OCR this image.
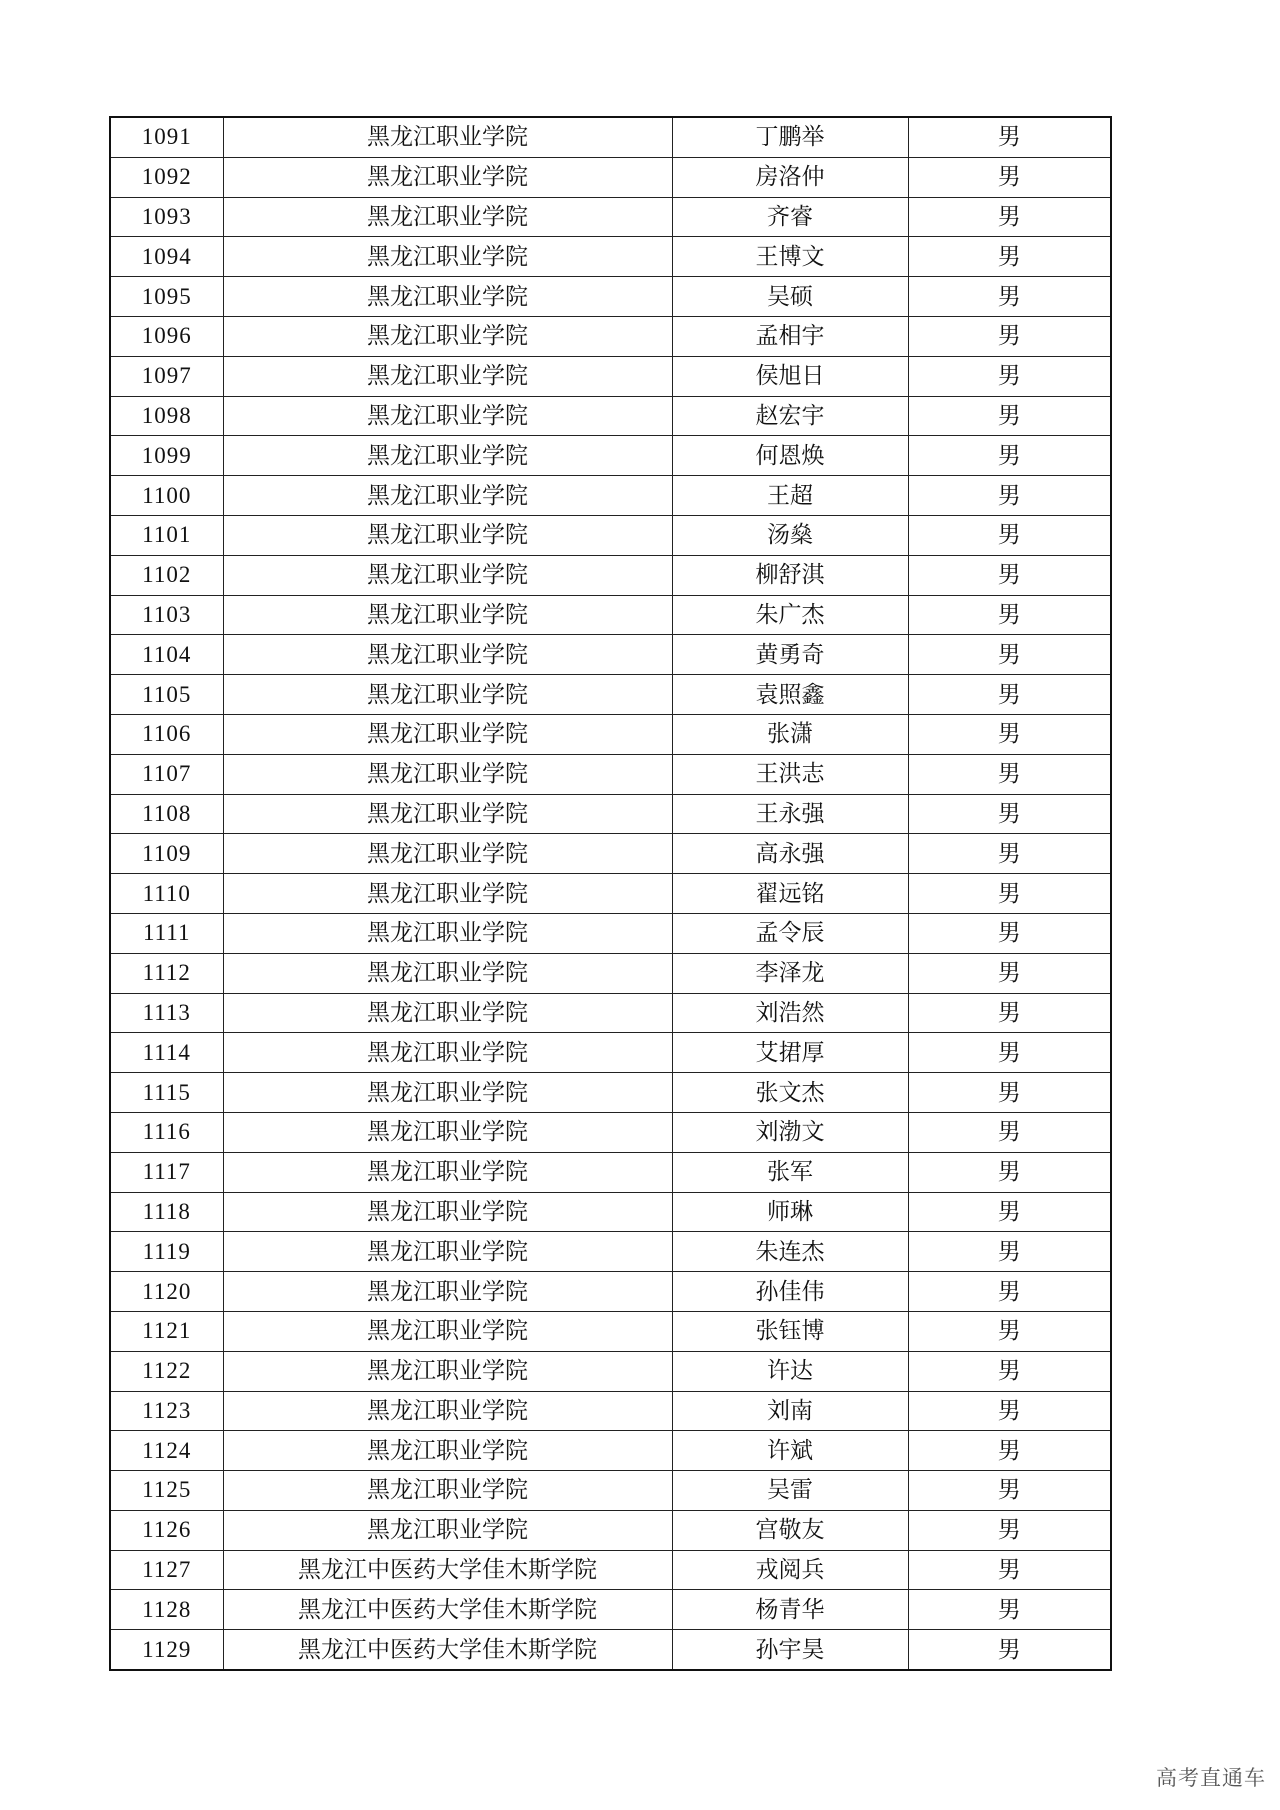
1091	黑龙江职业学院	丁鹏举	男
1092	黑龙江职业学院	房洛仲	男
1093	黑龙江职业学院	齐睿	男
1094	黑龙江职业学院	王博文	男
1095	黑龙江职业学院	吴硕	男
1096	黑龙江职业学院	孟相宇	男
1097	黑龙江职业学院	侯旭日	男
1098	黑龙江职业学院	赵宏宇	男
1099	黑龙江职业学院	何恩焕	男
1100	黑龙江职业学院	王超	男
1101	黑龙江职业学院	汤燊	男
1102	黑龙江职业学院	柳舒淇	男
1103	黑龙江职业学院	朱广杰	男
1104	黑龙江职业学院	黄勇奇	男
1105	黑龙江职业学院	袁照鑫	男
1106	黑龙江职业学院	张潇	男
1107	黑龙江职业学院	王洪志	男
1108	黑龙江职业学院	王永强	男
1109	黑龙江职业学院	高永强	男
1110	黑龙江职业学院	翟远铭	男
1111	黑龙江职业学院	孟令辰	男
1112	黑龙江职业学院	李泽龙	男
1113	黑龙江职业学院	刘浩然	男
1114	黑龙江职业学院	艾捃厚	男
1115	黑龙江职业学院	张文杰	男
1116	黑龙江职业学院	刘渤文	男
1117	黑龙江职业学院	张军	男
1118	黑龙江职业学院	师琳	男
1119	黑龙江职业学院	朱连杰	男
1120	黑龙江职业学院	孙佳伟	男
1121	黑龙江职业学院	张钰博	男
1122	黑龙江职业学院	许达	男
1123	黑龙江职业学院	刘南	男
1124	黑龙江职业学院	许斌	男
1125	黑龙江职业学院	吴雷	男
1126	黑龙江职业学院	宫敬友	男
1127	黑龙江中医药大学佳木斯学院	戎阅兵	男
1128	黑龙江中医药大学佳木斯学院	杨青华	男
1129	黑龙江中医药大学佳木斯学院	孙宇昊	男
高考直通车
